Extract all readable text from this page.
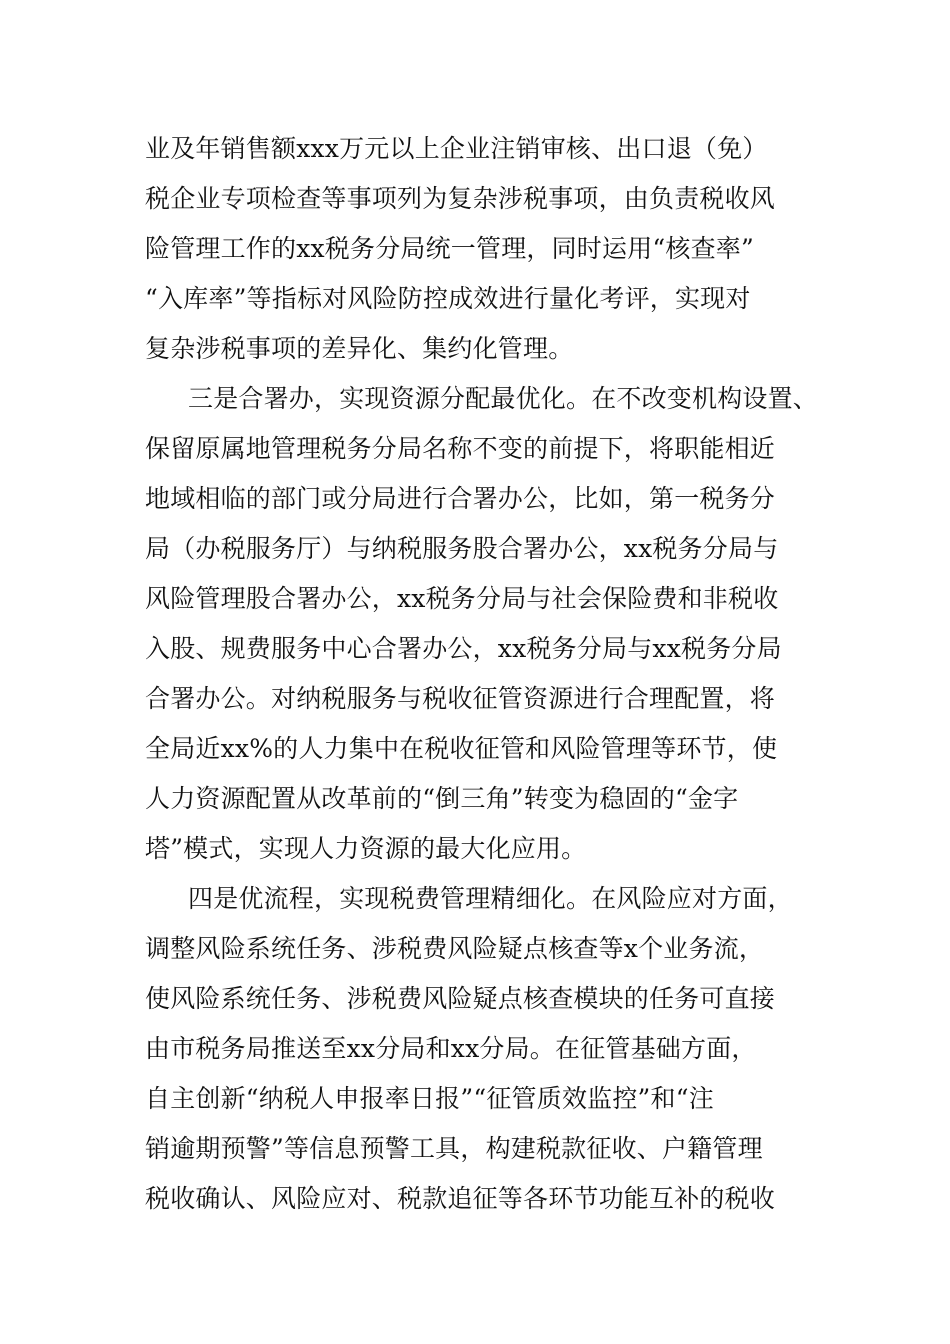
业及年销售额xxx万元以上企业注销审核、出口退（免）
税企业专项检查等事项列为复杂涉税事项，由负责税收风
险管理工作的xx税务分局统一管理，同时运用“核查率”
“入库率”等指标对风险防控成效进行量化考评，实现对
复杂涉税事项的差异化、集约化管理。
三是合署办，实现资源分配最优化。在不改变机构设置、
保留原属地管理税务分局名称不变的前提下，将职能相近
地域相临的部门或分局进行合署办公，比如，第一税务分
局（办税服务厅）与纳税服务股合署办公，xx税务分局与
风险管理股合署办公，xx税务分局与社会保险费和非税收
入股、规费服务中心合署办公，xx税务分局与xx税务分局
合署办公。对纳税服务与税收征管资源进行合理配置，将
全局近xx%的人力集中在税收征管和风险管理等环节，使
人力资源配置从改革前的“倒三角”转变为稳固的“金字
塔”模式，实现人力资源的最大化应用。
四是优流程，实现税费管理精细化。在风险应对方面，
调整风险系统任务、涉税费风险疑点核查等x个业务流，
使风险系统任务、涉税费风险疑点核查模块的任务可直接
由市税务局推送至xx分局和xx分局。在征管基础方面，
自主创新“纳税人申报率日报”“征管质效监控”和“注
销逾期预警”等信息预警工具，构建税款征收、户籍管理
税收确认、风险应对、税款追征等各环节功能互补的税收
